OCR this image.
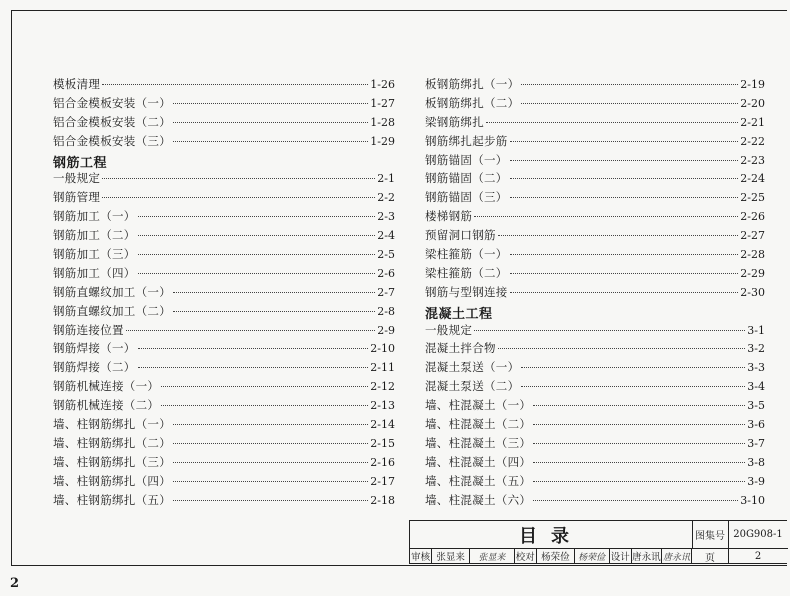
模板清理	1-26
铝合金模板安装（一）	1-27
铝合金模板安装（二）	1-28
铝合金模板安装（三）	1-29
钢筋工程
一般规定	2-1
钢筋管理	2-2
钢筋加工（一）	2-3
钢筋加工（二）	2-4
钢筋加工（三）	2-5
钢筋加工（四）	2-6
钢筋直螺纹加工（一）	2-7
钢筋直螺纹加工（二）	2-8
钢筋连接位置	2-9
钢筋焊接（一）	2-10
钢筋焊接（二）	2-11
钢筋机械连接（一）	2-12
钢筋机械连接（二）	2-13
墙、柱钢筋绑扎（一）	2-14
墙、柱钢筋绑扎（二）	2-15
墙、柱钢筋绑扎（三）	2-16
墙、柱钢筋绑扎（四）	2-17
墙、柱钢筋绑扎（五）	2-18
板钢筋绑扎（一）	2-19
板钢筋绑扎（二）	2-20
梁钢筋绑扎	2-21
钢筋绑扎起步筋	2-22
钢筋锚固（一）	2-23
钢筋锚固（二）	2-24
钢筋锚固（三）	2-25
楼梯钢筋	2-26
预留洞口钢筋	2-27
梁柱箍筋（一）	2-28
梁柱箍筋（二）	2-29
钢筋与型钢连接	2-30
混凝土工程
一般规定	3-1
混凝土拌合物	3-2
混凝土泵送（一）	3-3
混凝土泵送（二）	3-4
墙、柱混凝土（一）	3-5
墙、柱混凝土（二）	3-6
墙、柱混凝土（三）	3-7
墙、柱混凝土（四）	3-8
墙、柱混凝土（五）	3-9
墙、柱混凝土（六）	3-10
目录	图集号 20G908-1
页	2
审核 张显来	张显来	校对 杨荣俭 杨荣俭 设计 唐永讯 唐永讯
2
